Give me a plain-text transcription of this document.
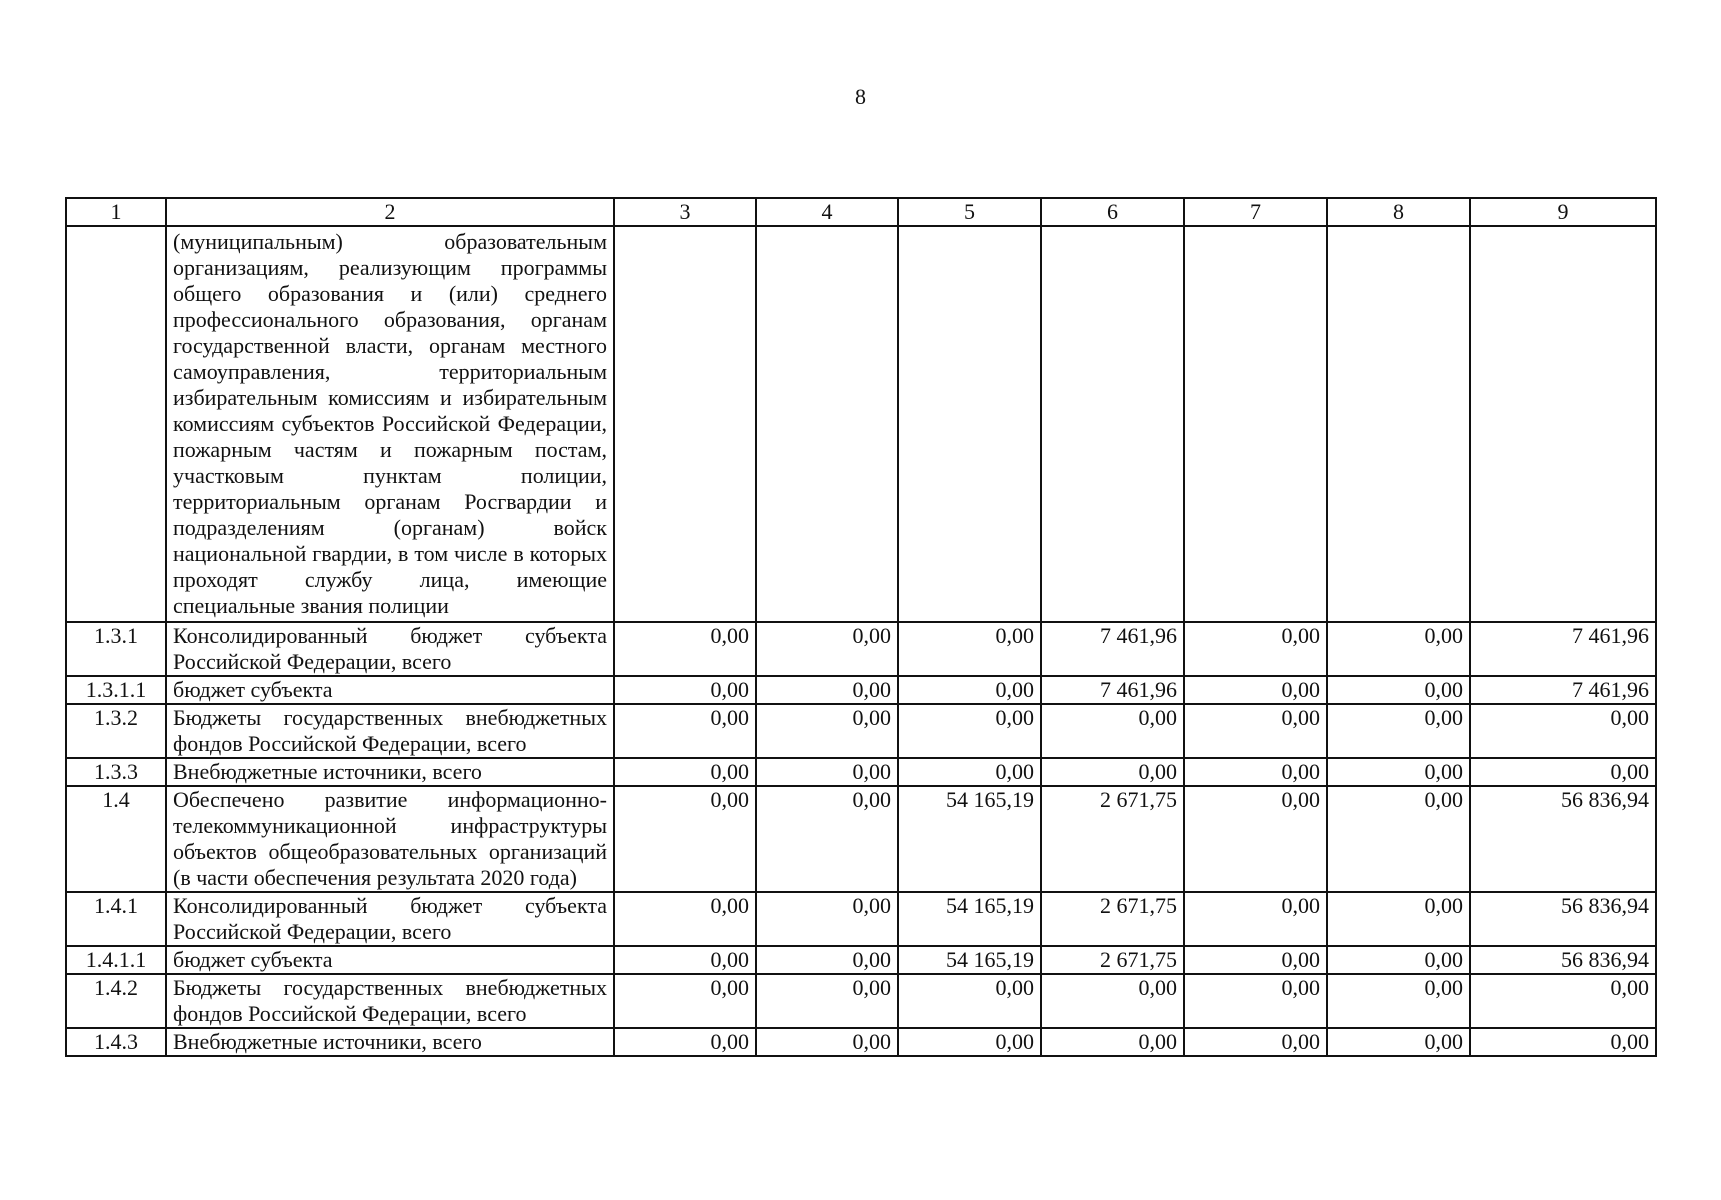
8
1	2	3	4	5	6	7	8	9
	(муниципальным) образовательным организациям, реализующим программы общего образования и (или) среднего профессионального образования, органам государственной власти, органам местного самоуправления, территориальным избирательным комиссиям и избирательным комиссиям субъектов Российской Федерации, пожарным частям и пожарным постам, участковым пунктам полиции, территориальным органам Росгвардии и подразделениям (органам) войск национальной гвардии, в том числе в которых проходят службу лица, имеющие специальные звания полиции							
1.3.1	Консолидированный бюджет субъекта Российской Федерации, всего	0,00	0,00	0,00	7 461,96	0,00	0,00	7 461,96
1.3.1.1	бюджет субъекта	0,00	0,00	0,00	7 461,96	0,00	0,00	7 461,96
1.3.2	Бюджеты государственных внебюджетных фондов Российской Федерации, всего	0,00	0,00	0,00	0,00	0,00	0,00	0,00
1.3.3	Внебюджетные источники, всего	0,00	0,00	0,00	0,00	0,00	0,00	0,00
1.4	Обеспечено развитие информационно-телекоммуникационной инфраструктуры объектов общеобразовательных организаций (в части обеспечения результата 2020 года)	0,00	0,00	54 165,19	2 671,75	0,00	0,00	56 836,94
1.4.1	Консолидированный бюджет субъекта Российской Федерации, всего	0,00	0,00	54 165,19	2 671,75	0,00	0,00	56 836,94
1.4.1.1	бюджет субъекта	0,00	0,00	54 165,19	2 671,75	0,00	0,00	56 836,94
1.4.2	Бюджеты государственных внебюджетных фондов Российской Федерации, всего	0,00	0,00	0,00	0,00	0,00	0,00	0,00
1.4.3	Внебюджетные источники, всего	0,00	0,00	0,00	0,00	0,00	0,00	0,00
